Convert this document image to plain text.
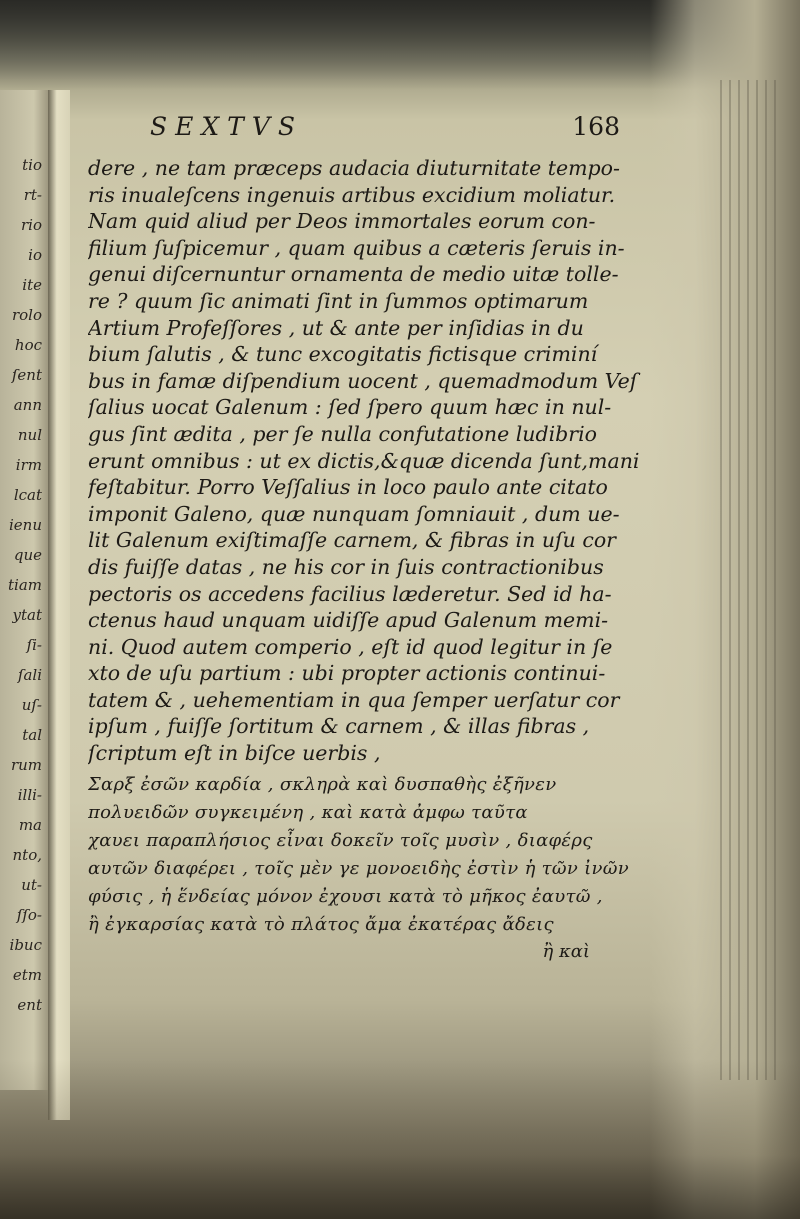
tio
rt-
rio
io
ite
rolo
hoc
ſent
ann
nul
irm
lcat
ienu
que
tiam
ytat
ſi-
ſali
uſ-
tal
rum
illi-
ma
nto,
ut-
ſſo-
ibuc
etm
ent
SEXTVS	168
dere , ne tam præceps audacia diuturnitate tempo-
ris inualeſcens ingenuis artibus excidium moliatur.
Nam quid aliud per Deos immortales eorum con-
filium ſuſpicemur , quam quibus a cæteris ſeruis in-
genui diſcernuntur ornamenta de medio uitæ tolle-
re ? quum ſic animati ſint in ſummos optimarum
Artium Profeſſores , ut & ante per inſidias in du
bium ſalutis , & tunc excogitatis fictisque criminí
bus in famæ diſpendium uocent , quemadmodum Veſ
ſalius uocat Galenum : ſed ſpero quum hæc in nul-
gus ſint ædita , per ſe nulla confutatione ludibrio
erunt omnibus : ut ex dictis,&quæ dicenda ſunt,mani
feſtabitur. Porro Veſſalius in loco paulo ante citato
imponit Galeno, quæ nunquam ſomniauit , dum ue-
lit Galenum exiſtimaſſe carnem, & fibras in uſu cor
dis fuiſſe datas , ne his cor in ſuis contractionibus
pectoris os accedens facilius læderetur. Sed id ha-
ctenus haud unquam uidiſſe apud Galenum memi-
ni. Quod autem comperio , eſt id quod legitur in ſe
xto de uſu partium : ubi propter actionis continui-
tatem & , uehementiam in qua ſemper uerſatur cor
ipſum , fuiſſe ſortitum & carnem , & illas fibras ,
ſcriptum eſt in biſce uerbis ,
Σαρξ ἐσῶν καρδία , σκληρὰ καὶ δυσπαθὴς ἐξῆνεν
πολυειδῶν συγκειμένη , καὶ κατὰ ἀμφω ταῦτα
χαυει παραπλήσιος εἶναι δοκεῖν τοῖς μυσὶν , διαφέρς
αυτῶν διαφέρει , τοῖς μὲν γε μονοειδὴς ἐστὶν ἡ τῶν ἰνῶν
φύσις , ἡ ἕνδείας μόνον ἐχουσι κατὰ τὸ μῆκος ἐαυτῶ ,
ἢ ἐγκαρσίας κατὰ τὸ πλάτος ἄμα ἐκατέρας ἄδεις
ἢ καὶ
